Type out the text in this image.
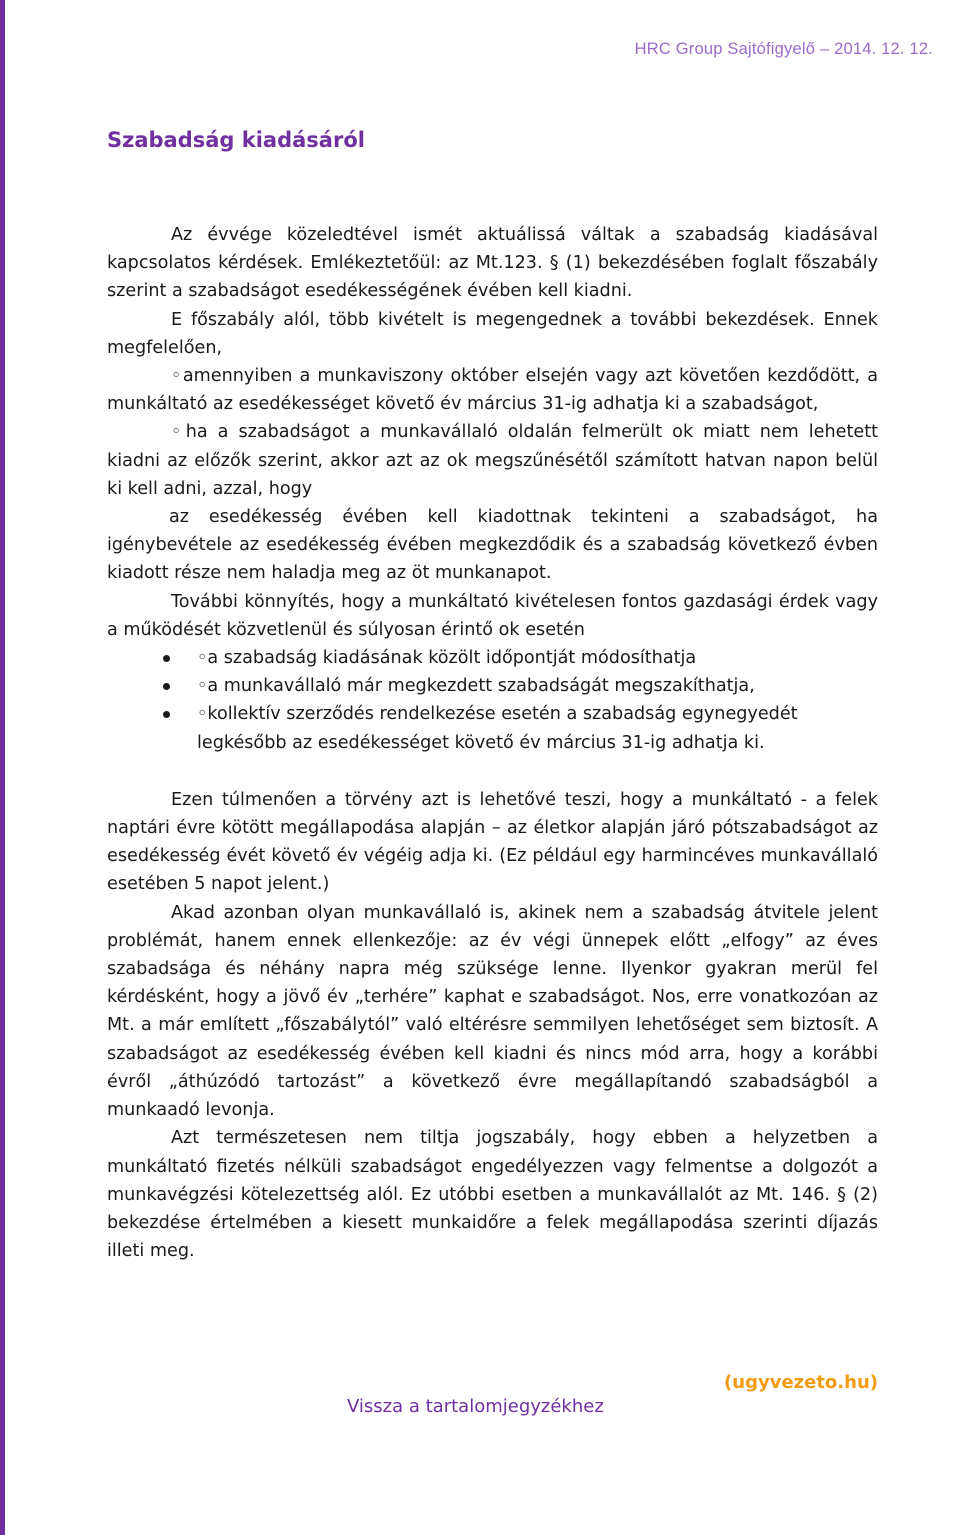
HRC Group Sajtófigyelő – 2014. 12. 12.
Szabadság kiadásáról

Az évvége közeledtével ismét aktuálissá váltak a szabadság kiadásával kapcsolatos kérdések. Emlékeztetőül: az Mt.123. § (1) bekezdésében foglalt főszabály szerint a szabadságot esedékességének évében kell kiadni.

E főszabály alól, több kivételt is megengednek a további bekezdések. Ennek megfelelően,

◦amennyiben a munkaviszony október elsején vagy azt követően kezdődött, a munkáltató az esedékességet követő év március 31-ig adhatja ki a szabadságot,

◦ha a szabadságot a munkavállaló oldalán felmerült ok miatt nem lehetett kiadni az előzők szerint, akkor azt az ok megszűnésétől számított hatvan napon belül ki kell adni, azzal, hogy

az esedékesség évében kell kiadottnak tekinteni a szabadságot, ha igénybevétele az esedékesség évében megkezdődik és a szabadság következő évben kiadott része nem haladja meg az öt munkanapot.

További könnyítés, hogy a munkáltató kivételesen fontos gazdasági érdek vagy a működését közvetlenül és súlyosan érintő ok esetén

◦a szabadság kiadásának közölt időpontját módosíthatja
◦a munkavállaló már megkezdett szabadságát megszakíthatja,
◦kollektív szerződés rendelkezése esetén a szabadság egynegyedét legkésőbb az esedékességet követő év március 31-ig adhatja ki.

Ezen túlmenően a törvény azt is lehetővé teszi, hogy a munkáltató - a felek naptári évre kötött megállapodása alapján – az életkor alapján járó pótszabadságot az esedékesség évét követő év végéig adja ki. (Ez például egy harmincéves munkavállaló esetében 5 napot jelent.)

Akad azonban olyan munkavállaló is, akinek nem a szabadság átvitele jelent problémát, hanem ennek ellenkezője: az év végi ünnepek előtt „elfogy” az éves szabadsága és néhány napra még szüksége lenne. Ilyenkor gyakran merül fel kérdésként, hogy a jövő év „terhére” kaphat e szabadságot. Nos, erre vonatkozóan az Mt. a már említett „főszabálytól” való eltérésre semmilyen lehetőséget sem biztosít. A szabadságot az esedékesség évében kell kiadni és nincs mód arra, hogy a korábbi évről „áthúzódó tartozást” a következő évre megállapítandó szabadságból a munkaadó levonja.

Azt természetesen nem tiltja jogszabály, hogy ebben a helyzetben a munkáltató fizetés nélküli szabadságot engedélyezzen vagy felmentse a dolgozót a munkavégzési kötelezettség alól. Ez utóbbi esetben a munkavállalót az Mt. 146. § (2) bekezdése értelmében a kiesett munkaidőre a felek megállapodása szerinti díjazás illeti meg.

(ugyvezeto.hu)
Vissza a tartalomjegyzékhez
